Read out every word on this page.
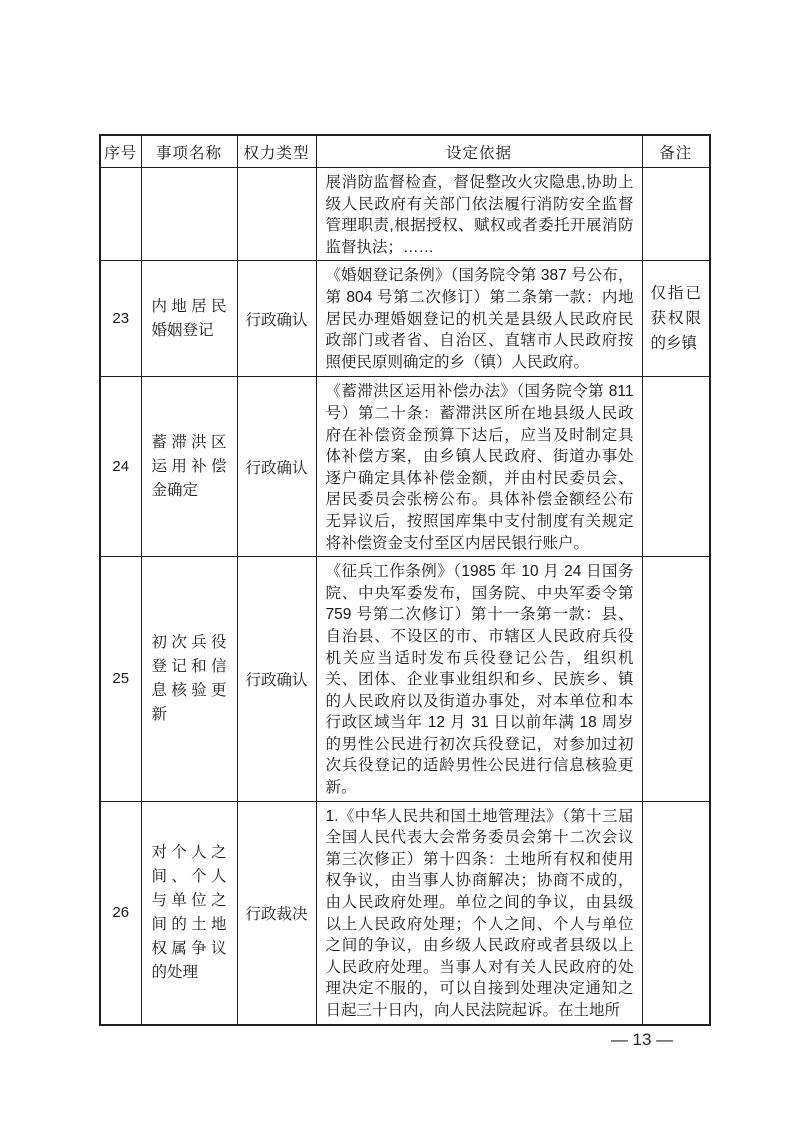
序号	事项名称	权力类型	设定依据	备注
			展消防监督检查，督促整改火灾隐患,协助上级人民政府有关部门依法履行消防安全监督管理职责,根据授权、赋权或者委托开展消防监督执法；……	
23	内地居民婚姻登记	行政确认	《婚姻登记条例》（国务院令第 387 号公布，第 804 号第二次修订）第二条第一款：内地居民办理婚姻登记的机关是县级人民政府民政部门或者省、自治区、直辖市人民政府按照便民原则确定的乡（镇）人民政府。	仅指已获权限的乡镇
24	蓄滞洪区运用补偿金确定	行政确认	《蓄滞洪区运用补偿办法》（国务院令第 811 号）第二十条：蓄滞洪区所在地县级人民政府在补偿资金预算下达后，应当及时制定具体补偿方案，由乡镇人民政府、街道办事处逐户确定具体补偿金额，并由村民委员会、居民委员会张榜公布。具体补偿金额经公布无异议后，按照国库集中支付制度有关规定将补偿资金支付至区内居民银行账户。	
25	初次兵役登记和信息核验更新	行政确认	《征兵工作条例》（1985 年 10 月 24 日国务院、中央军委发布，国务院、中央军委令第 759 号第二次修订）第十一条第一款：县、自治县、不设区的市、市辖区人民政府兵役机关应当适时发布兵役登记公告，组织机关、团体、企业事业组织和乡、民族乡、镇的人民政府以及街道办事处，对本单位和本行政区域当年 12 月 31 日以前年满 18 周岁的男性公民进行初次兵役登记，对参加过初次兵役登记的适龄男性公民进行信息核验更新。	
26	对个人之间、个人与单位之间的土地权属争议的处理	行政裁决	1.《中华人民共和国土地管理法》（第十三届全国人民代表大会常务委员会第十二次会议第三次修正）第十四条：土地所有权和使用权争议，由当事人协商解决；协商不成的，由人民政府处理。单位之间的争议，由县级以上人民政府处理；个人之间、个人与单位之间的争议，由乡级人民政府或者县级以上人民政府处理。当事人对有关人民政府的处理决定不服的，可以自接到处理决定通知之日起三十日内，向人民法院起诉。在土地所	
— 13 —
